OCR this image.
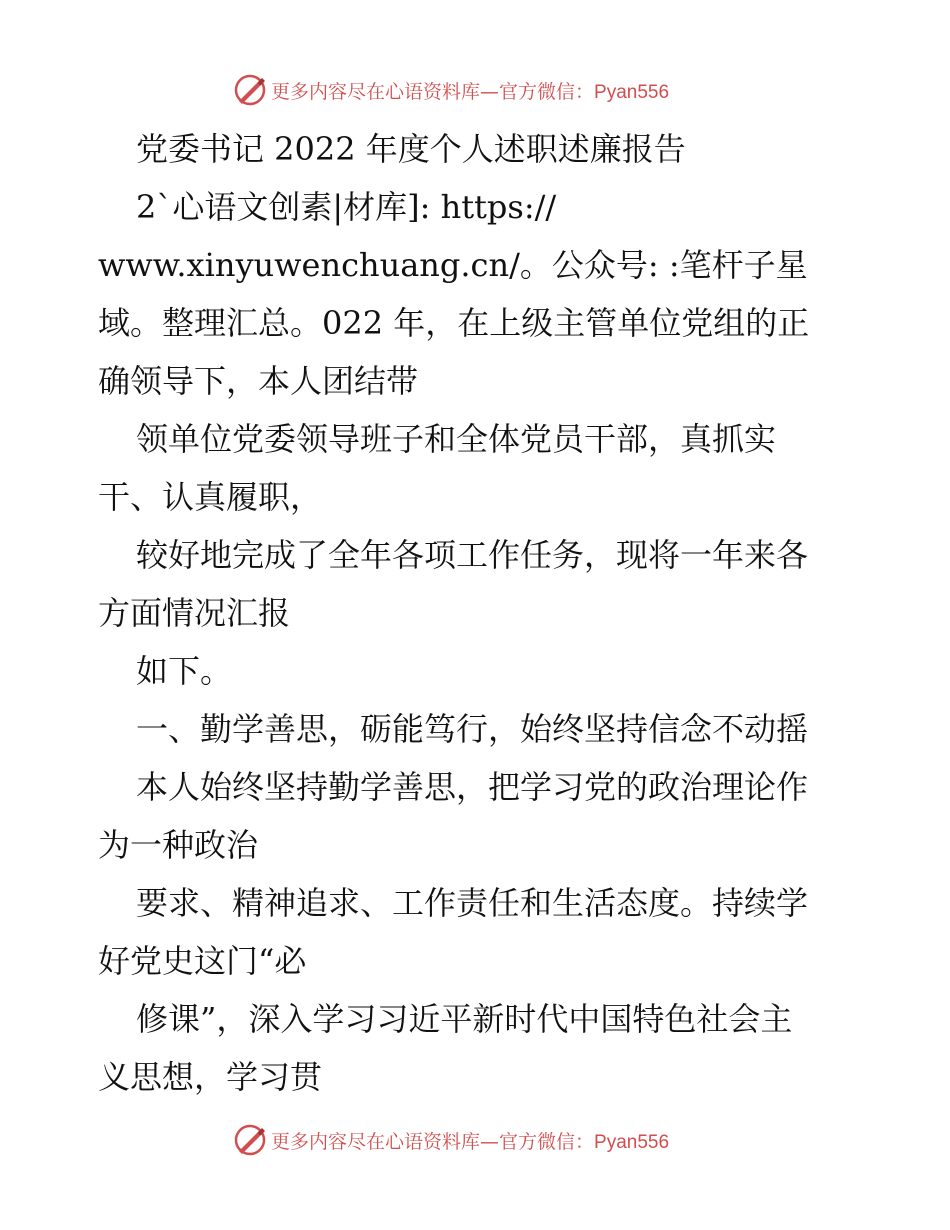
更多内容尽在心语资料库—官方微信：Pyan556
党委书记 2022 年度个人述职述廉报告
2`心语文创素|材库]: https://
www.xinyuwenchuang.cn/。公众号: :笔杆子星
域。整理汇总。022 年，在上级主管单位党组的正
确领导下，本人团结带
领单位党委领导班子和全体党员干部，真抓实
干、认真履职，
较好地完成了全年各项工作任务，现将一年来各
方面情况汇报
如下。
一、勤学善思，砺能笃行，始终坚持信念不动摇
本人始终坚持勤学善思，把学习党的政治理论作
为一种政治
要求、精神追求、工作责任和生活态度。持续学
好党史这门“必
修课”，深入学习习近平新时代中国特色社会主
义思想，学习贯
更多内容尽在心语资料库—官方微信：Pyan556
